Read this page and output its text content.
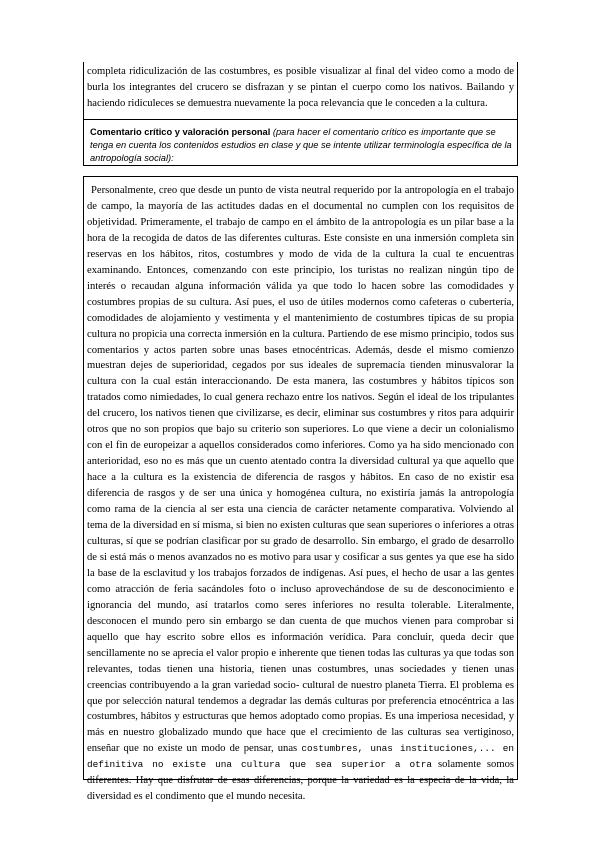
completa ridiculización de las costumbres, es posible visualizar al final del video como a modo de burla los integrantes del crucero se disfrazan y se pintan el cuerpo como los nativos. Bailando y haciendo ridiculeces se demuestra nuevamente la poca relevancia que le conceden a la cultura.

Comentario crítico y valoración personal (para hacer el comentario crítico es importante que se tenga en cuenta los contenidos estudios en clase y que se intente utilizar terminología específica de la antropología social):

Personalmente, creo que desde un punto de vista neutral requerido por la antropología en el trabajo de campo, la mayoría de las actitudes dadas en el documental no cumplen con los requisitos de objetividad. Primeramente, el trabajo de campo en el ámbito de la antropología es un pilar base a la hora de la recogida de datos de las diferentes culturas. Este consiste en una inmersión completa sin reservas en los hábitos, ritos, costumbres y modo de vida de la cultura la cual te encuentras examinando. Entonces, comenzando con este principio, los turistas no realizan ningún tipo de interés o recaudan alguna información válida ya que todo lo hacen sobre las comodidades y costumbres propias de su cultura. Así pues, el uso de útiles modernos como cafeteras o cubertería, comodidades de alojamiento y vestimenta y el mantenimiento de costumbres típicas de su propia cultura no propicia una correcta inmersión en la cultura. Partiendo de ese mismo principio, todos sus comentarios y actos parten sobre unas bases etnocéntricas. Además, desde el mismo comienzo muestran dejes de superioridad, cegados por sus ideales de supremacía tienden minusvalorar la cultura con la cual están interaccionando. De esta manera, las costumbres y hábitos típicos son tratados como nimiedades, lo cual genera rechazo entre los nativos. Según el ideal de los tripulantes del crucero, los nativos tienen que civilizarse, es decir, eliminar sus costumbres y ritos para adquirir otros que no son propios que bajo su criterio son superiores. Lo que viene a decir un colonialismo con el fin de europeizar a aquellos considerados como inferiores. Como ya ha sido mencionado con anterioridad, eso no es más que un cuento atentado contra la diversidad cultural ya que aquello que hace a la cultura es la existencia de diferencia de rasgos y hábitos. En caso de no existir esa diferencia de rasgos y de ser una única y homogénea cultura, no existiría jamás la antropología como rama de la ciencia al ser esta una ciencia de carácter netamente comparativa. Volviendo al tema de la diversidad en sí misma, si bien no existen culturas que sean superiores o inferiores a otras culturas, sí que se podrían clasificar por su grado de desarrollo. Sin embargo, el grado de desarrollo de si está más o menos avanzados no es motivo para usar y cosificar a sus gentes ya que ese ha sido la base de la esclavitud y los trabajos forzados de indígenas. Así pues, el hecho de usar a las gentes como atracción de feria sacándoles foto o incluso aprovechándose de su de desconocimiento e ignorancia del mundo, así tratarlos como seres inferiores no resulta tolerable. Literalmente, desconocen el mundo pero sin embargo se dan cuenta de que muchos vienen para comprobar si aquello que hay escrito sobre ellos es información verídica. Para concluir, queda decir que sencillamente no se aprecia el valor propio e inherente que tienen todas las culturas ya que todas son relevantes, todas tienen una historia, tienen unas costumbres, unas sociedades y tienen unas creencias contribuyendo a la gran variedad socio- cultural de nuestro planeta Tierra. El problema es que por selección natural tendemos a degradar las demás culturas por preferencia etnocéntrica a las costumbres, hábitos y estructuras que hemos adoptado como propias. Es una imperiosa necesidad, y más en nuestro globalizado mundo que hace que el crecimiento de las culturas sea vertiginoso, enseñar que no existe un modo de pensar, unas costumbres, unas instituciones,... en definitiva no existe una cultura que sea superior a otra solamente somos diferentes. Hay que disfrutar de esas diferencias, porque la variedad es la especia de la vida, la diversidad es el condimento que el mundo necesita.
